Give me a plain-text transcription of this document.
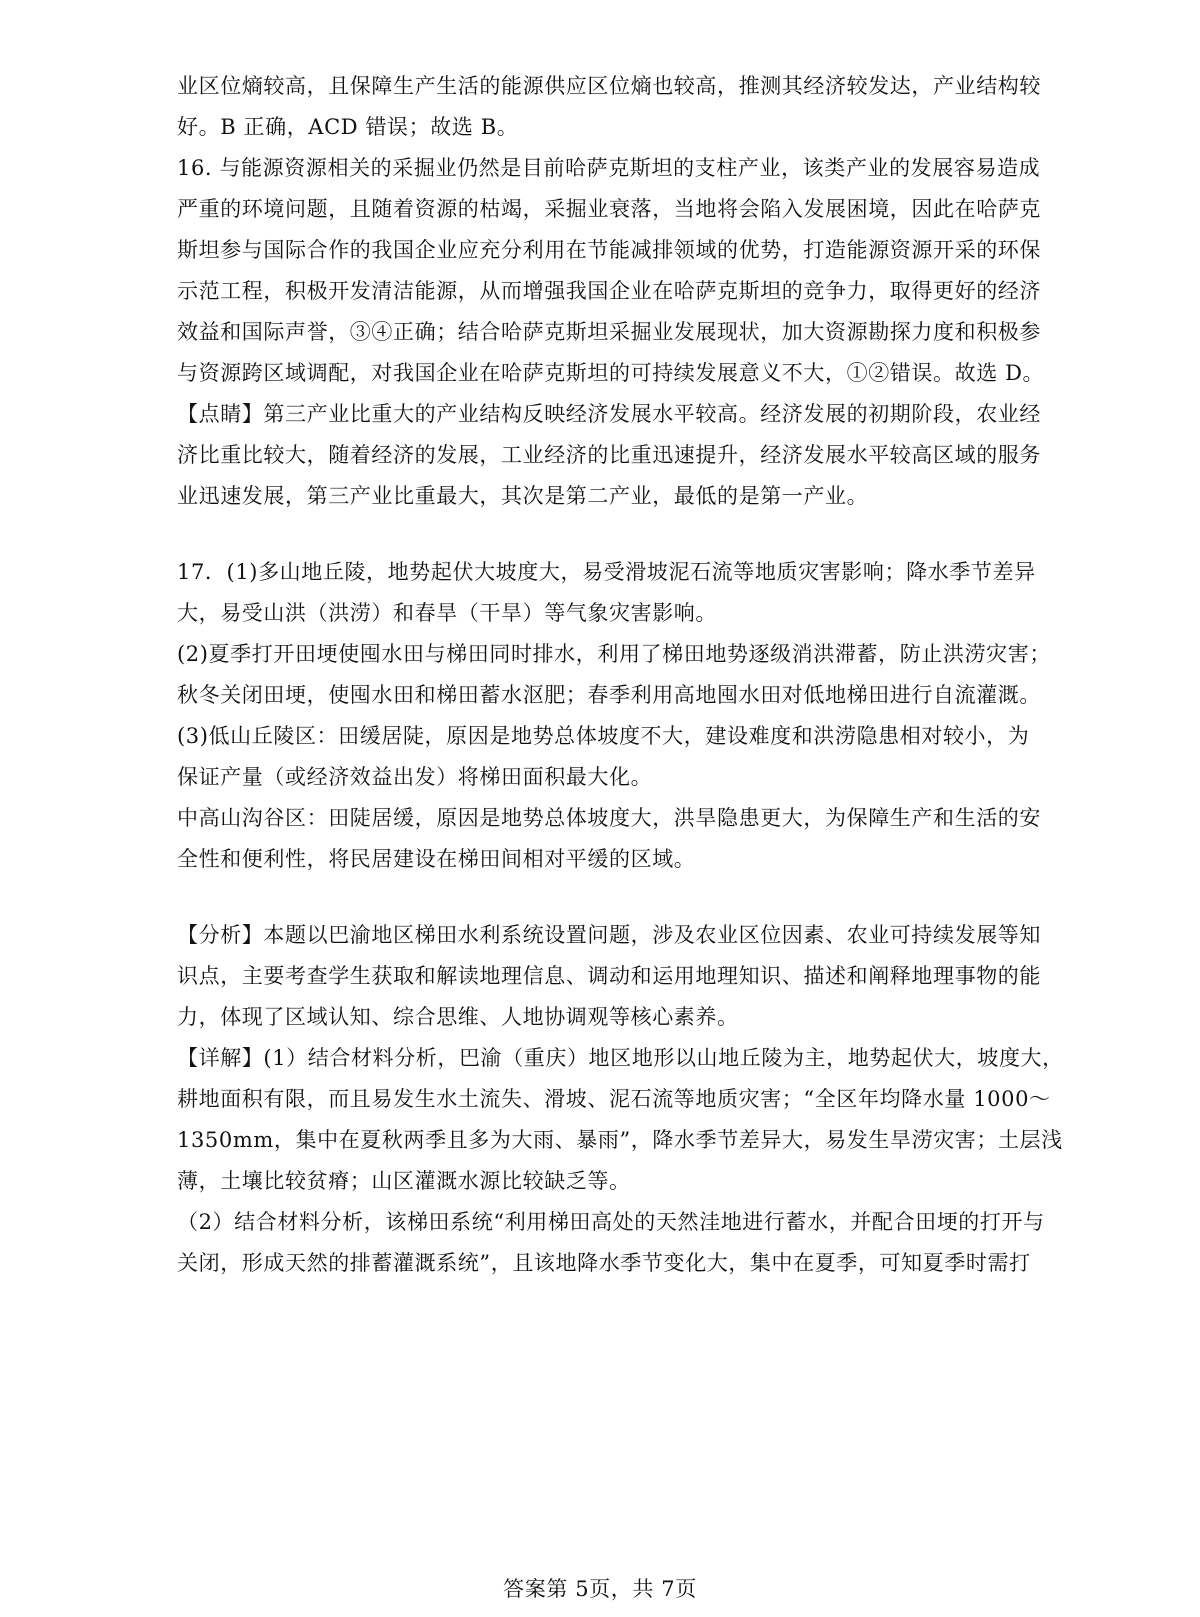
业区位熵较高，且保障生产生活的能源供应区位熵也较高，推测其经济较发达，产业结构较
好。B 正确，ACD 错误；故选 B。
16. 与能源资源相关的采掘业仍然是目前哈萨克斯坦的支柱产业，该类产业的发展容易造成
严重的环境问题，且随着资源的枯竭，采掘业衰落，当地将会陷入发展困境，因此在哈萨克
斯坦参与国际合作的我国企业应充分利用在节能减排领域的优势，打造能源资源开采的环保
示范工程，积极开发清洁能源，从而增强我国企业在哈萨克斯坦的竞争力，取得更好的经济
效益和国际声誉，③④正确；结合哈萨克斯坦采掘业发展现状，加大资源勘探力度和积极参
与资源跨区域调配，对我国企业在哈萨克斯坦的可持续发展意义不大，①②错误。故选 D。
【点睛】第三产业比重大的产业结构反映经济发展水平较高。经济发展的初期阶段，农业经
济比重比较大，随着经济的发展，工业经济的比重迅速提升，经济发展水平较高区域的服务
业迅速发展，第三产业比重最大，其次是第二产业，最低的是第一产业。
17．(1)多山地丘陵，地势起伏大坡度大，易受滑坡泥石流等地质灾害影响；降水季节差异
大，易受山洪（洪涝）和春旱（干旱）等气象灾害影响。
(2)夏季打开田埂使囤水田与梯田同时排水，利用了梯田地势逐级消洪滞蓄，防止洪涝灾害；
秋冬关闭田埂，使囤水田和梯田蓄水沤肥；春季利用高地囤水田对低地梯田进行自流灌溉。
(3)低山丘陵区：田缓居陡，原因是地势总体坡度不大，建设难度和洪涝隐患相对较小，为
保证产量（或经济效益出发）将梯田面积最大化。
中高山沟谷区：田陡居缓，原因是地势总体坡度大，洪旱隐患更大，为保障生产和生活的安
全性和便利性，将民居建设在梯田间相对平缓的区域。
【分析】本题以巴渝地区梯田水利系统设置问题，涉及农业区位因素、农业可持续发展等知
识点，主要考查学生获取和解读地理信息、调动和运用地理知识、描述和阐释地理事物的能
力，体现了区域认知、综合思维、人地协调观等核心素养。
【详解】(1）结合材料分析，巴渝（重庆）地区地形以山地丘陵为主，地势起伏大，坡度大，
耕地面积有限，而且易发生水土流失、滑坡、泥石流等地质灾害；“全区年均降水量 1000～
1350mm，集中在夏秋两季且多为大雨、暴雨”，降水季节差异大，易发生旱涝灾害；土层浅
薄，土壤比较贫瘠；山区灌溉水源比较缺乏等。
（2）结合材料分析，该梯田系统“利用梯田高处的天然洼地进行蓄水，并配合田埂的打开与
关闭，形成天然的排蓄灌溉系统”，且该地降水季节变化大，集中在夏季，可知夏季时需打
答案第 5页，共 7页
